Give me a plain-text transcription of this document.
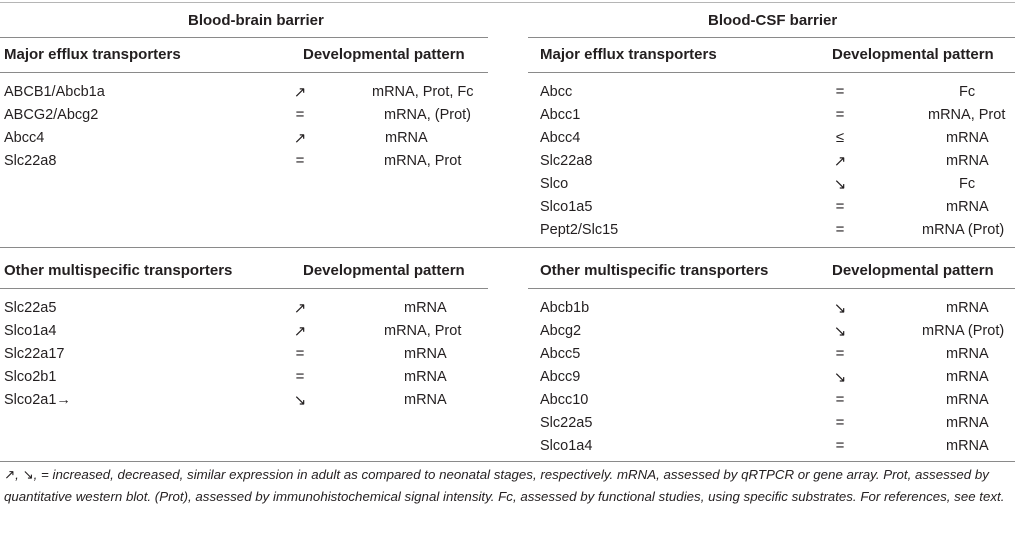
Blood-brain barrier	Blood-CSF barrier
Major efflux transporters	Developmental pattern	Major efflux transporters	Developmental pattern
ABCB1/Abcb1a	↗	mRNA, Prot, Fc
ABCG2/Abcg2	=	mRNA, (Prot)
Abcc4	↗	mRNA
Slc22a8	=	mRNA, Prot
Abcc	=	Fc
Abcc1	=	mRNA, Prot
Abcc4	≤	mRNA
Slc22a8	↗	mRNA
Slco	↘	Fc
Slco1a5	=	mRNA
Pept2/Slc15	=	mRNA (Prot)
Other multispecific transporters	Developmental pattern	Other multispecific transporters	Developmental pattern
Slc22a5	↗	mRNA
Slco1a4	↗	mRNA, Prot
Slc22a17	=	mRNA
Slco2b1	=	mRNA
Slco2a1→	↘	mRNA
Abcb1b	↘	mRNA
Abcg2	↘	mRNA (Prot)
Abcc5	=	mRNA
Abcc9	↘	mRNA
Abcc10	=	mRNA
Slc22a5	=	mRNA
Slco1a4	=	mRNA
↗, ↘, = increased, decreased, similar expression in adult as compared to neonatal stages, respectively. mRNA, assessed by qRTPCR or gene array. Prot, assessed by quantitative western blot. (Prot), assessed by immunohistochemical signal intensity. Fc, assessed by functional studies, using specific substrates. For references, see text.
